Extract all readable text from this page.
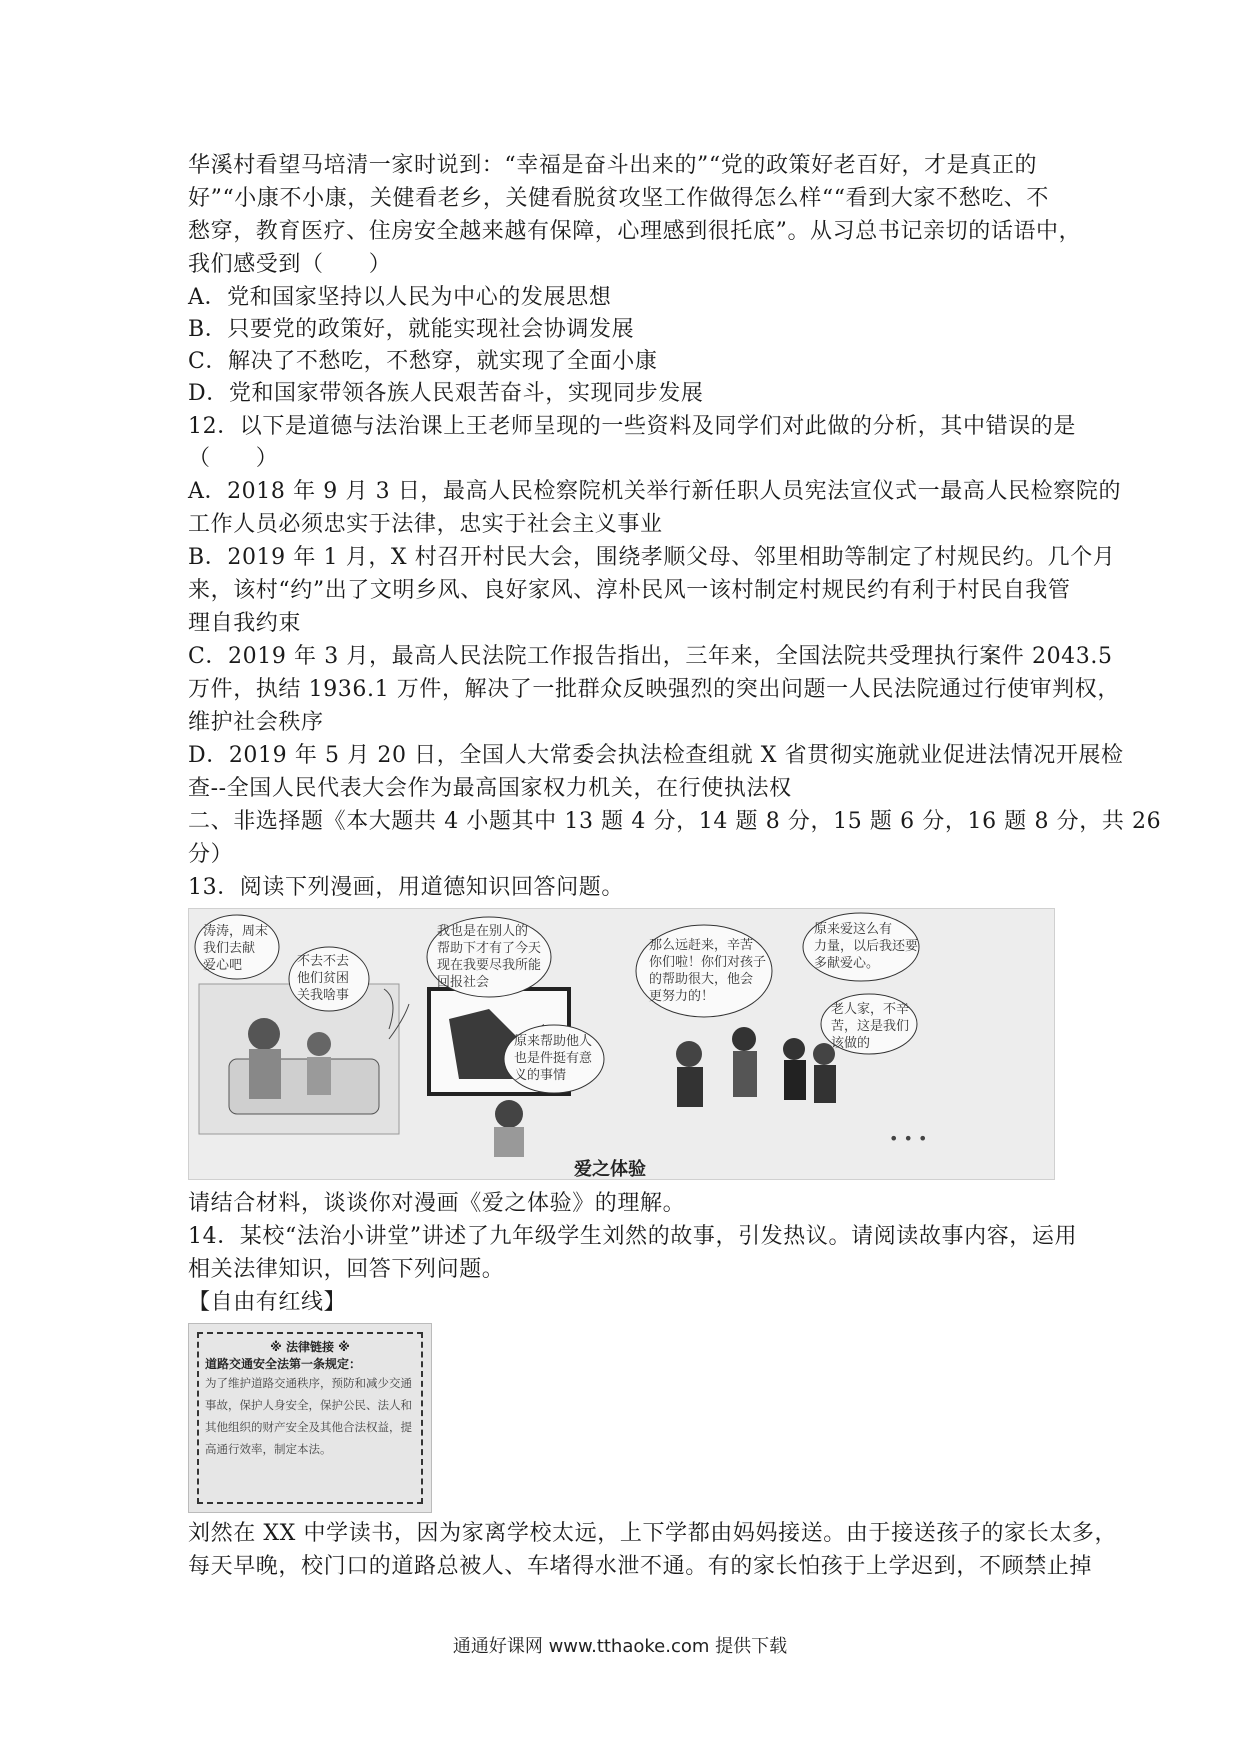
华溪村看望马培清一家时说到：“幸福是奋斗出来的”“党的政策好老百好，才是真正的
好”“小康不小康，关健看老乡，关健看脱贫攻坚工作做得怎么样““看到大家不愁吃、不
愁穿，教育医疗、住房安全越来越有保障，心理感到很托底”。从习总书记亲切的话语中，
我们感受到（　　）
A．党和国家坚持以人民为中心的发展思想
B．只要党的政策好，就能实现社会协调发展
C．解决了不愁吃，不愁穿，就实现了全面小康
D．党和国家带领各族人民艰苦奋斗，实现同步发展
12．以下是道德与法治课上王老师呈现的一些资料及同学们对此做的分析，其中错误的是
（　　）
A．2018 年 9 月 3 日，最高人民检察院机关举行新任职人员宪法宣仪式一最高人民检察院的
工作人员必须忠实于法律，忠实于社会主义事业
B．2019 年 1 月，X 村召开村民大会，围绕孝顺父母、邻里相助等制定了村规民约。几个月
来，该村“约”出了文明乡风、良好家风、淳朴民风一该村制定村规民约有利于村民自我管
理自我约束
C．2019 年 3 月，最高人民法院工作报告指出，三年来，全国法院共受理执行案件 2043.5
万件，执结 1936.1 万件，解决了一批群众反映强烈的突出问题一人民法院通过行使审判权，
维护社会秩序
D．2019 年 5 月 20 日，全国人大常委会执法检查组就 X 省贯彻实施就业促进法情况开展检
查--全国人民代表大会作为最高国家权力机关，在行使执法权
二、非选择题《本大题共 4 小题其中 13 题 4 分，14 题 8 分，15 题 6 分，16 题 8 分，共 26
分）
13．阅读下列漫画，用道德知识回答问题。
• • •
涛涛，周末
我们去献
爱心吧	不去不去
他们贫困
关我啥事
我也是在别人的
帮助下才有了今天
现在我要尽我所能
回报社会
原来帮助他人
也是件挺有意
义的事情
那么远赶来，辛苦
你们啦！你们对孩子
的帮助很大，他会
更努力的！
原来爱这么有
力量，以后我还要
多献爱心。
老人家，不辛
苦，这是我们
该做的
爱之体验
请结合材料，谈谈你对漫画《爱之体验》的理解。
14．某校“法治小讲堂”讲述了九年级学生刘然的故事，引发热议。请阅读故事内容，运用
相关法律知识，回答下列问题。
【自由有红线】
※ 法律链接 ※
道路交通安全法第一条规定：
为了维护道路交通秩序，预防和减少交通事故，保护人身安全，保护公民、法人和其他组织的财产安全及其他合法权益，提高通行效率，制定本法。
刘然在 XX 中学读书，因为家离学校太远，上下学都由妈妈接送。由于接送孩子的家长太多，
每天早晚，校门口的道路总被人、车堵得水泄不通。有的家长怕孩于上学迟到，不顾禁止掉
通通好课网 www.tthaoke.com 提供下载
